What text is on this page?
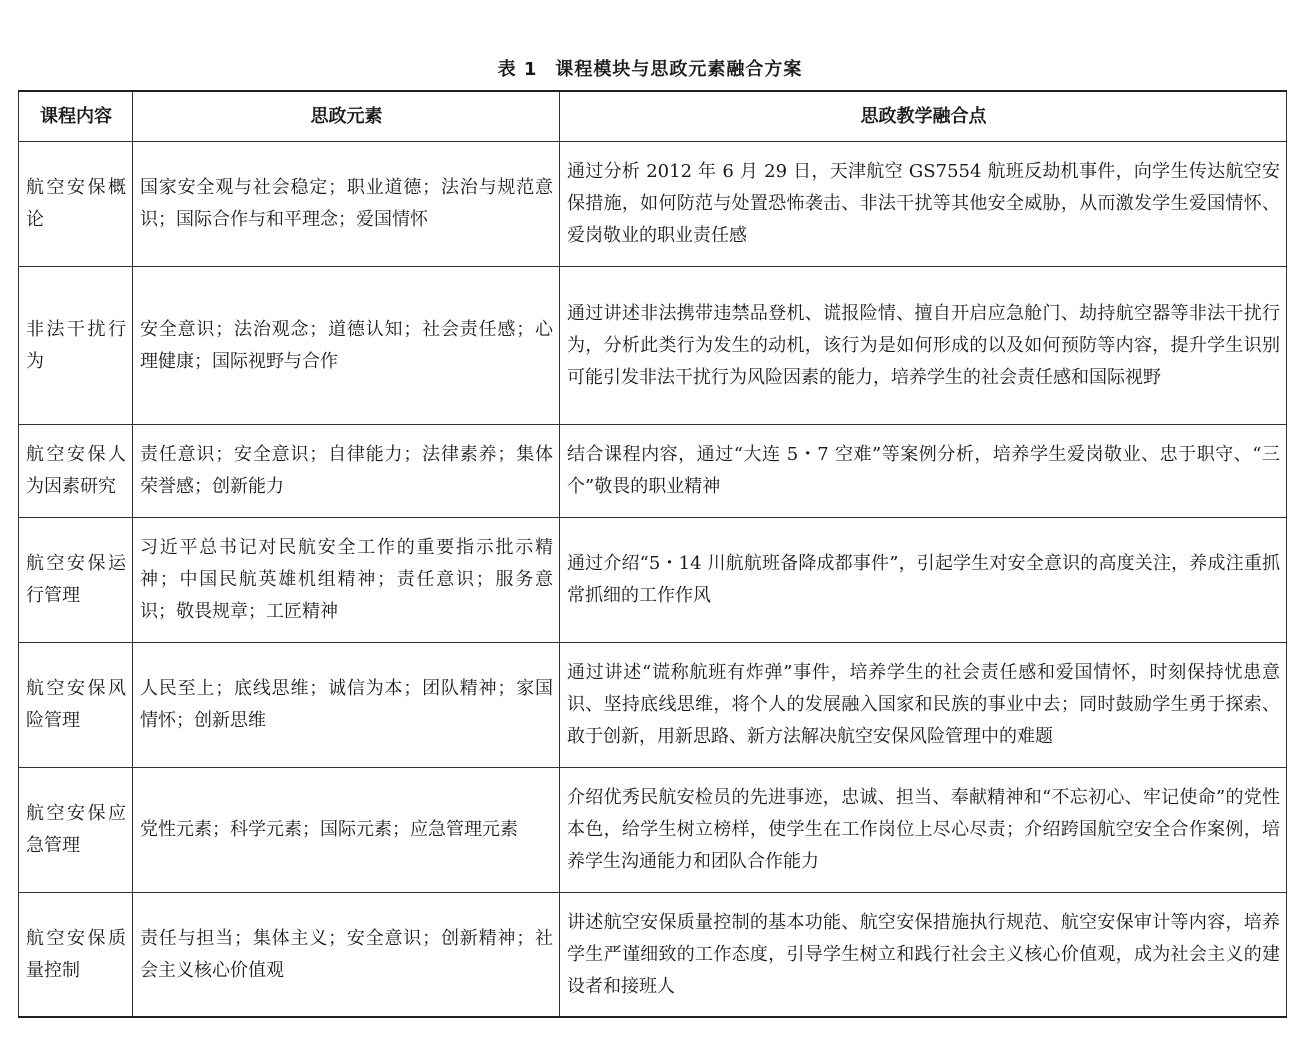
表 1 课程模块与思政元素融合方案
课程内容	思政元素	思政教学融合点
航空安保概论	国家安全观与社会稳定；职业道德；法治与规范意识；国际合作与和平理念；爱国情怀	通过分析 2012 年 6 月 29 日，天津航空 GS7554 航班反劫机事件，向学生传达航空安保措施，如何防范与处置恐怖袭击、非法干扰等其他安全威胁，从而激发学生爱国情怀、爱岗敬业的职业责任感
非法干扰行为	安全意识；法治观念；道德认知；社会责任感；心理健康；国际视野与合作	通过讲述非法携带违禁品登机、谎报险情、擅自开启应急舱门、劫持航空器等非法干扰行为，分析此类行为发生的动机，该行为是如何形成的以及如何预防等内容，提升学生识别可能引发非法干扰行为风险因素的能力，培养学生的社会责任感和国际视野
航空安保人为因素研究	责任意识；安全意识；自律能力；法律素养；集体荣誉感；创新能力	结合课程内容，通过“大连 5・7 空难”等案例分析，培养学生爱岗敬业、忠于职守、“三个”敬畏的职业精神
航空安保运行管理	习近平总书记对民航安全工作的重要指示批示精神；中国民航英雄机组精神；责任意识；服务意识；敬畏规章；工匠精神	通过介绍“5・14 川航航班备降成都事件”，引起学生对安全意识的高度关注，养成注重抓常抓细的工作作风
航空安保风险管理	人民至上；底线思维；诚信为本；团队精神；家国情怀；创新思维	通过讲述“谎称航班有炸弹”事件，培养学生的社会责任感和爱国情怀，时刻保持忧患意识、坚持底线思维，将个人的发展融入国家和民族的事业中去；同时鼓励学生勇于探索、敢于创新，用新思路、新方法解决航空安保风险管理中的难题
航空安保应急管理	党性元素；科学元素；国际元素；应急管理元素	介绍优秀民航安检员的先进事迹，忠诚、担当、奉献精神和“不忘初心、牢记使命”的党性本色，给学生树立榜样，使学生在工作岗位上尽心尽责；介绍跨国航空安全合作案例，培养学生沟通能力和团队合作能力
航空安保质量控制	责任与担当；集体主义；安全意识；创新精神；社会主义核心价值观	讲述航空安保质量控制的基本功能、航空安保措施执行规范、航空安保审计等内容，培养学生严谨细致的工作态度，引导学生树立和践行社会主义核心价值观，成为社会主义的建设者和接班人
